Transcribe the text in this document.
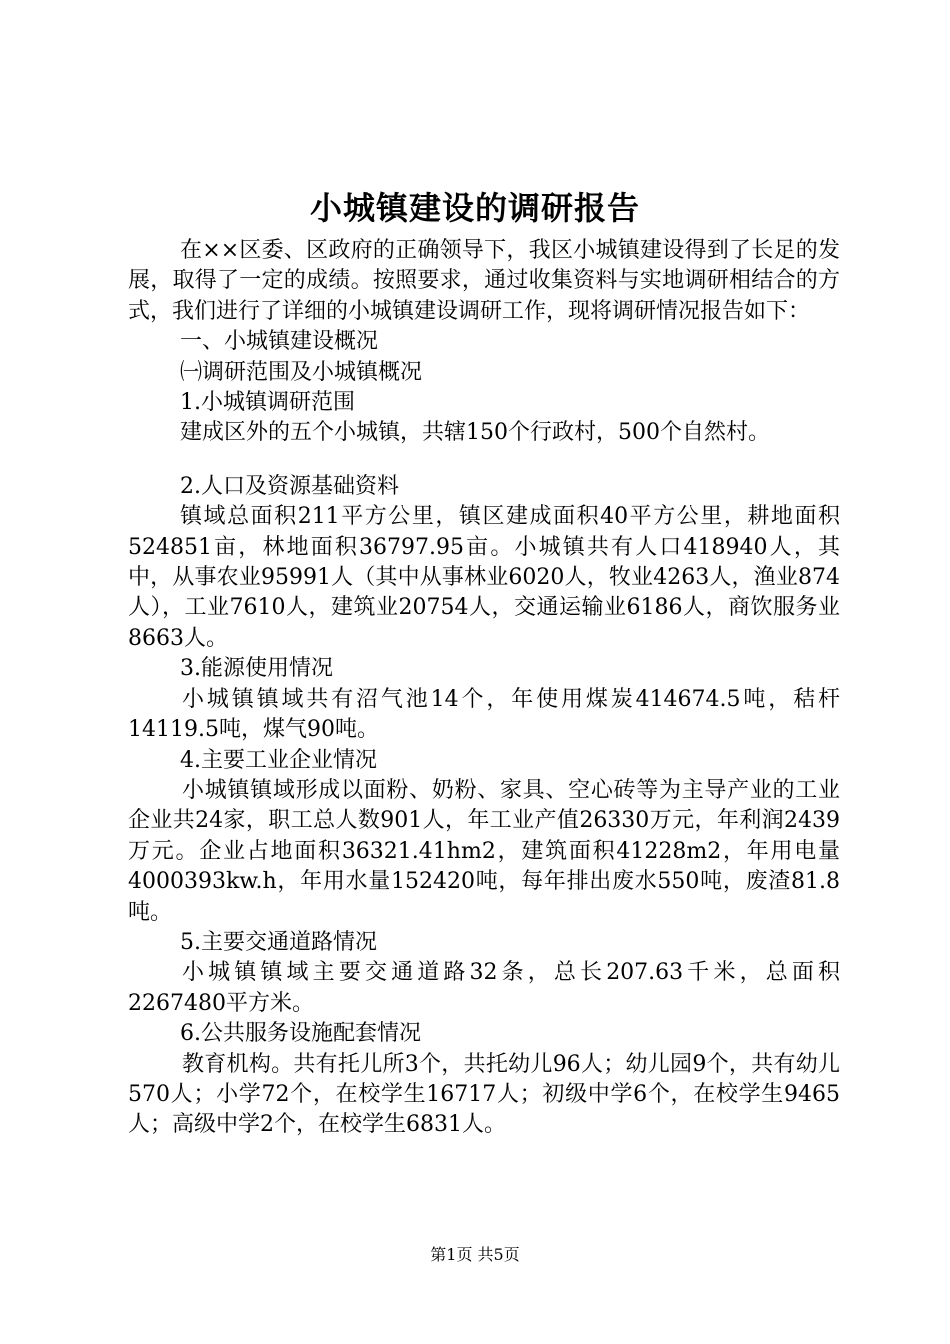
小城镇建设的调研报告

在××区委、区政府的正确领导下，我区小城镇建设得到了长足的发展，取得了一定的成绩。按照要求，通过收集资料与实地调研相结合的方式，我们进行了详细的小城镇建设调研工作，现将调研情况报告如下：

一、小城镇建设概况

㈠调研范围及小城镇概况

1.小城镇调研范围

建成区外的五个小城镇，共辖150个行政村，500个自然村。

2.人口及资源基础资料

镇域总面积211平方公里，镇区建成面积40平方公里，耕地面积524851亩，林地面积36797.95亩。小城镇共有人口418940人，其中，从事农业95991人（其中从事林业6020人，牧业4263人，渔业874人），工业7610人，建筑业20754人，交通运输业6186人，商饮服务业8663人。

3.能源使用情况

小城镇镇域共有沼气池14个，年使用煤炭414674.5吨，秸杆14119.5吨，煤气90吨。

4.主要工业企业情况

小城镇镇域形成以面粉、奶粉、家具、空心砖等为主导产业的工业企业共24家，职工总人数901人，年工业产值26330万元，年利润2439万元。企业占地面积36321.41hm2，建筑面积41228m2，年用电量4000393kw.h，年用水量152420吨，每年排出废水550吨，废渣81.8吨。

5.主要交通道路情况

小城镇镇域主要交通道路32条，总长207.63千米，总面积2267480平方米。

6.公共服务设施配套情况

教育机构。共有托儿所3个，共托幼儿96人；幼儿园9个，共有幼儿570人；小学72个，在校学生16717人；初级中学6个，在校学生9465人；高级中学2个，在校学生6831人。

第1页 共5页
